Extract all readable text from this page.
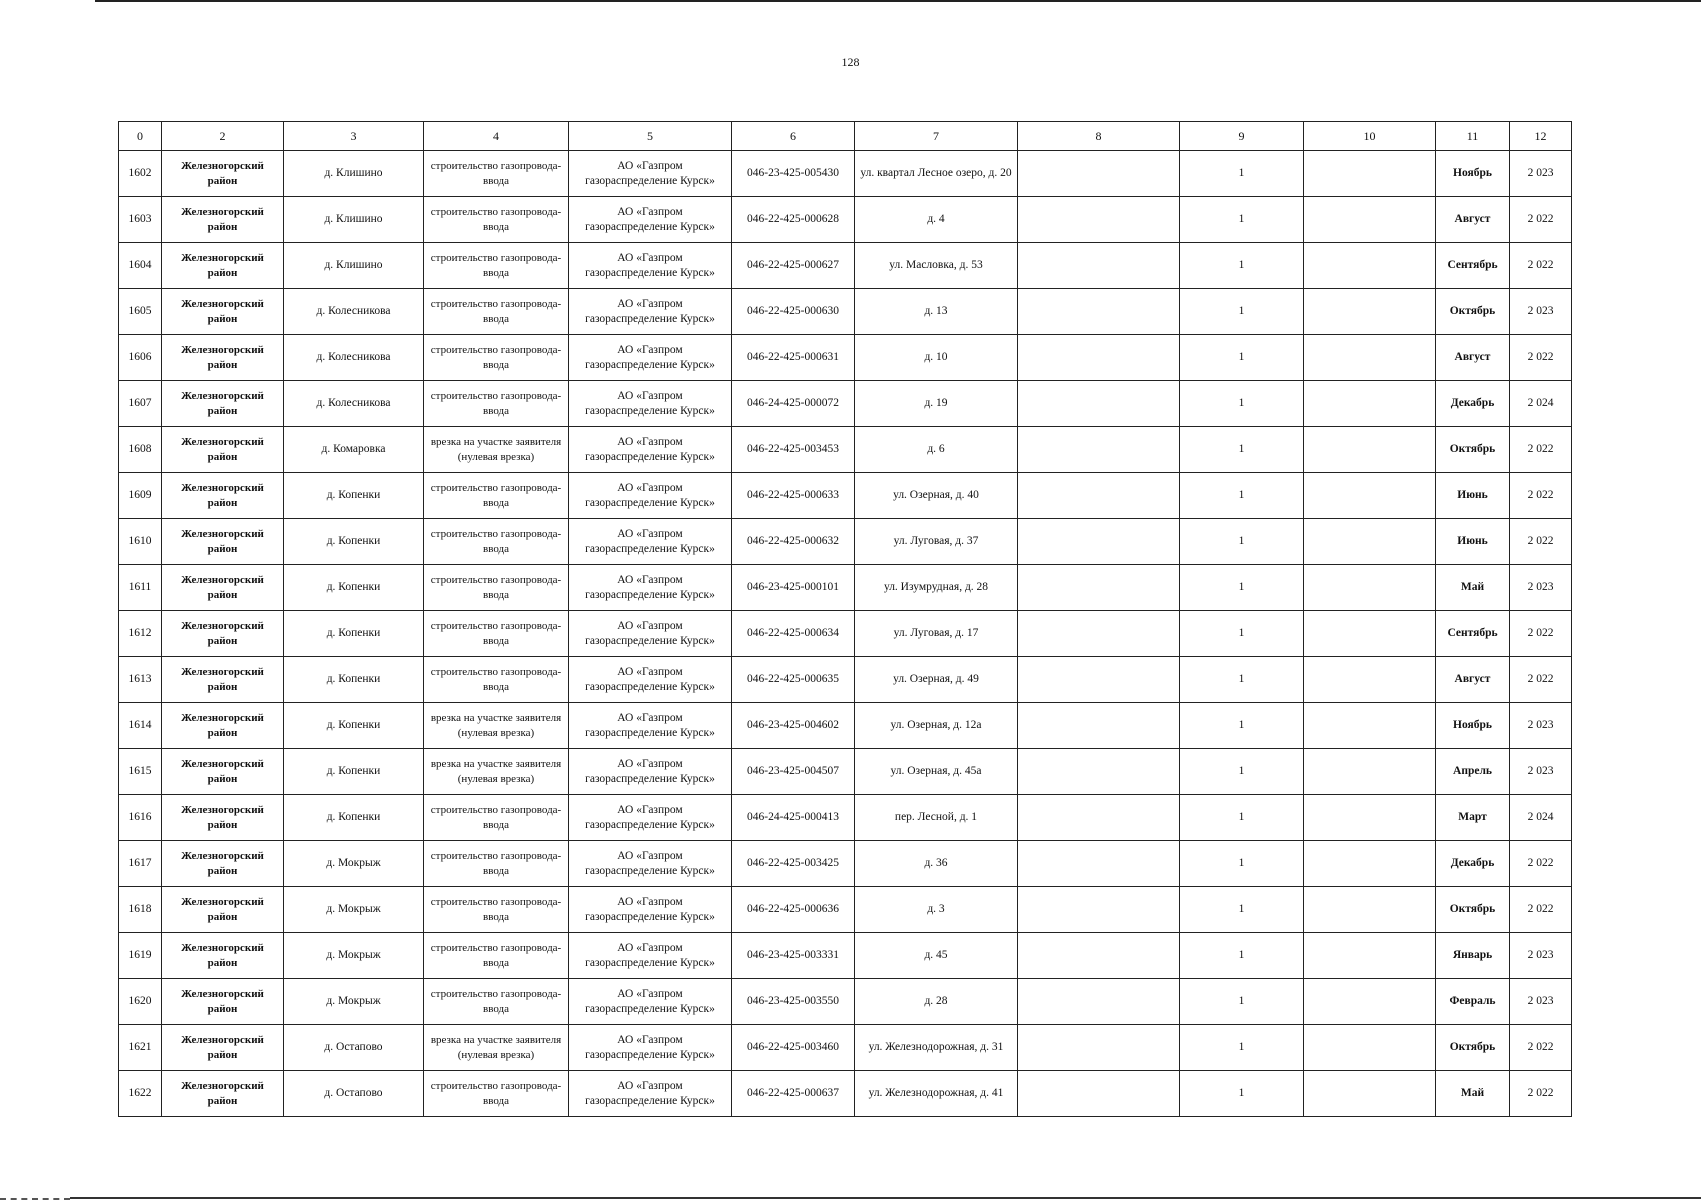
128
0	2	3	4	5	6	7	8	9	10	11	12
1602	Железногорский район	д. Клишино	строительство газопровода-ввода	АО «Газпром газораспределение Курск»	046-23-425-005430	ул. квартал Лесное озеро, д. 20		1		Ноябрь	2 023
1603	Железногорский район	д. Клишино	строительство газопровода-ввода	АО «Газпром газораспределение Курск»	046-22-425-000628	д. 4		1		Август	2 022
1604	Железногорский район	д. Клишино	строительство газопровода-ввода	АО «Газпром газораспределение Курск»	046-22-425-000627	ул. Масловка, д. 53		1		Сентябрь	2 022
1605	Железногорский район	д. Колесникова	строительство газопровода-ввода	АО «Газпром газораспределение Курск»	046-22-425-000630	д. 13		1		Октябрь	2 023
1606	Железногорский район	д. Колесникова	строительство газопровода-ввода	АО «Газпром газораспределение Курск»	046-22-425-000631	д. 10		1		Август	2 022
1607	Железногорский район	д. Колесникова	строительство газопровода-ввода	АО «Газпром газораспределение Курск»	046-24-425-000072	д. 19		1		Декабрь	2 024
1608	Железногорский район	д. Комаровка	врезка на участке заявителя (нулевая врезка)	АО «Газпром газораспределение Курск»	046-22-425-003453	д. 6		1		Октябрь	2 022
1609	Железногорский район	д. Копенки	строительство газопровода-ввода	АО «Газпром газораспределение Курск»	046-22-425-000633	ул. Озерная, д. 40		1		Июнь	2 022
1610	Железногорский район	д. Копенки	строительство газопровода-ввода	АО «Газпром газораспределение Курск»	046-22-425-000632	ул. Луговая, д. 37		1		Июнь	2 022
1611	Железногорский район	д. Копенки	строительство газопровода-ввода	АО «Газпром газораспределение Курск»	046-23-425-000101	ул. Изумрудная, д. 28		1		Май	2 023
1612	Железногорский район	д. Копенки	строительство газопровода-ввода	АО «Газпром газораспределение Курск»	046-22-425-000634	ул. Луговая, д. 17		1		Сентябрь	2 022
1613	Железногорский район	д. Копенки	строительство газопровода-ввода	АО «Газпром газораспределение Курск»	046-22-425-000635	ул. Озерная, д. 49		1		Август	2 022
1614	Железногорский район	д. Копенки	врезка на участке заявителя (нулевая врезка)	АО «Газпром газораспределение Курск»	046-23-425-004602	ул. Озерная, д. 12а		1		Ноябрь	2 023
1615	Железногорский район	д. Копенки	врезка на участке заявителя (нулевая врезка)	АО «Газпром газораспределение Курск»	046-23-425-004507	ул. Озерная, д. 45а		1		Апрель	2 023
1616	Железногорский район	д. Копенки	строительство газопровода-ввода	АО «Газпром газораспределение Курск»	046-24-425-000413	пер. Лесной, д. 1		1		Март	2 024
1617	Железногорский район	д. Мокрыж	строительство газопровода-ввода	АО «Газпром газораспределение Курск»	046-22-425-003425	д. 36		1		Декабрь	2 022
1618	Железногорский район	д. Мокрыж	строительство газопровода-ввода	АО «Газпром газораспределение Курск»	046-22-425-000636	д. 3		1		Октябрь	2 022
1619	Железногорский район	д. Мокрыж	строительство газопровода-ввода	АО «Газпром газораспределение Курск»	046-23-425-003331	д. 45		1		Январь	2 023
1620	Железногорский район	д. Мокрыж	строительство газопровода-ввода	АО «Газпром газораспределение Курск»	046-23-425-003550	д. 28		1		Февраль	2 023
1621	Железногорский район	д. Остапово	врезка на участке заявителя (нулевая врезка)	АО «Газпром газораспределение Курск»	046-22-425-003460	ул. Железнодорожная, д. 31		1		Октябрь	2 022
1622	Железногорский район	д. Остапово	строительство газопровода-ввода	АО «Газпром газораспределение Курск»	046-22-425-000637	ул. Железнодорожная, д. 41		1		Май	2 022
